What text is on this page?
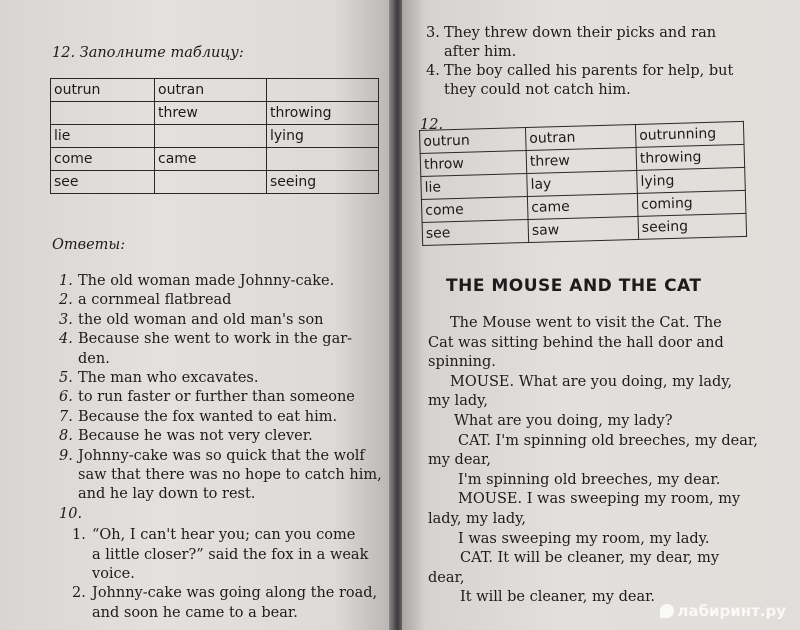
12. Заполните таблицу:
outrun	outran	
	threw	throwing
lie		lying
come	came	
see		seeing
Ответы:
1. The old woman made Johnny-cake.
2. a cornmeal flatbread
3. the old woman and old man's son
4. Because she went to work in the gar-
den.
5. The man who excavates.
6. to run faster or further than someone
7. Because the fox wanted to eat him.
8. Because he was not very clever.
9. Johnny-cake was so quick that the wolf
saw that there was no hope to catch him,
and he lay down to rest.
10.
1. “Oh, I can't hear you; can you come
a little closer?” said the fox in a weak
voice.
2. Johnny-cake was going along the road,
and soon he came to a bear.
3. They threw down their picks and ran
after him.
4. The boy called his parents for help, but
they could not catch him.
12.
outrun	outran	outrunning
throw	threw	throwing
lie	lay	lying
come	came	coming
see	saw	seeing
THE MOUSE AND THE CAT
The Mouse went to visit the Cat. The
Cat was sitting behind the hall door and
spinning.
MOUSE. What are you doing, my lady,
my lady,
What are you doing, my lady?
CAT. I'm spinning old breeches, my dear,
my dear,
I'm spinning old breeches, my dear.
MOUSE. I was sweeping my room, my
lady, my lady,
I was sweeping my room, my lady.
CAT. It will be cleaner, my dear, my
dear,
It will be cleaner, my dear.
лабиринт.ру
